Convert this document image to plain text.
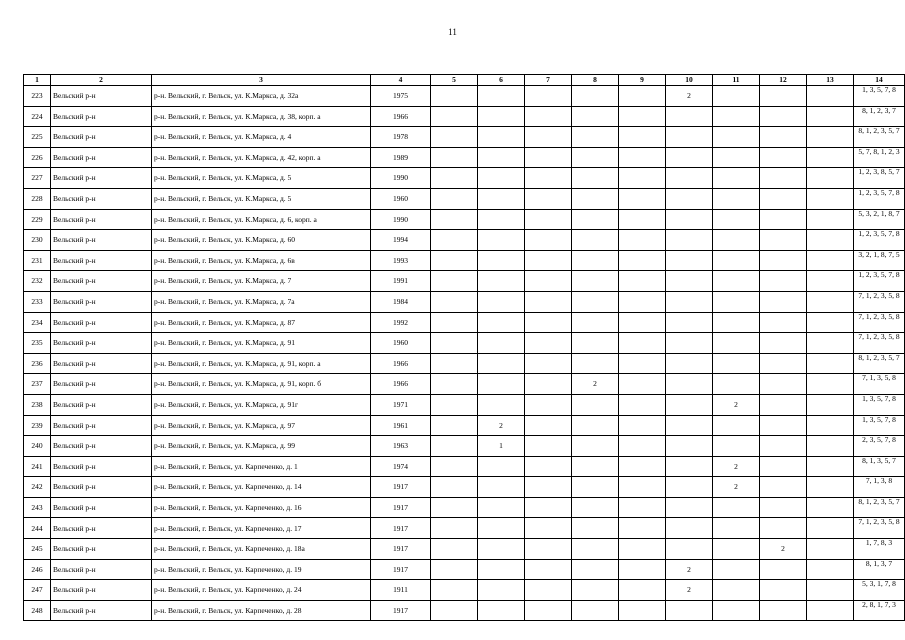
11
1	2	3	4	5	6	7	8	9	10	11	12	13	14
223	Вельский р-н	р-н. Вельский, г. Вельск, ул. К.Маркса, д. 32а	1975						2				1, 3, 5, 7, 8
224	Вельский р-н	р-н. Вельский, г. Вельск, ул. К.Маркса, д. 38, корп. а	1966										8, 1, 2, 3, 7
225	Вельский р-н	р-н. Вельский, г. Вельск, ул. К.Маркса, д. 4	1978										8, 1, 2, 3, 5, 7
226	Вельский р-н	р-н. Вельский, г. Вельск, ул. К.Маркса, д. 42, корп. а	1989										5, 7, 8, 1, 2, 3
227	Вельский р-н	р-н. Вельский, г. Вельск, ул. К.Маркса, д. 5	1990										1, 2, 3, 8, 5, 7
228	Вельский р-н	р-н. Вельский, г. Вельск, ул. К.Маркса, д. 5	1960										1, 2, 3, 5, 7, 8
229	Вельский р-н	р-н. Вельский, г. Вельск, ул. К.Маркса, д. 6, корп. а	1990										5, 3, 2, 1, 8, 7
230	Вельский р-н	р-н. Вельский, г. Вельск, ул. К.Маркса, д. 60	1994										1, 2, 3, 5, 7, 8
231	Вельский р-н	р-н. Вельский, г. Вельск, ул. К.Маркса, д. 6в	1993										3, 2, 1, 8, 7, 5
232	Вельский р-н	р-н. Вельский, г. Вельск, ул. К.Маркса, д. 7	1991										1, 2, 3, 5, 7, 8
233	Вельский р-н	р-н. Вельский, г. Вельск, ул. К.Маркса, д. 7а	1984										7, 1, 2, 3, 5, 8
234	Вельский р-н	р-н. Вельский, г. Вельск, ул. К.Маркса, д. 87	1992										7, 1, 2, 3, 5, 8
235	Вельский р-н	р-н. Вельский, г. Вельск, ул. К.Маркса, д. 91	1960										7, 1, 2, 3, 5, 8
236	Вельский р-н	р-н. Вельский, г. Вельск, ул. К.Маркса, д. 91, корп. а	1966										8, 1, 2, 3, 5, 7
237	Вельский р-н	р-н. Вельский, г. Вельск, ул. К.Маркса, д. 91, корп. б	1966				2						7, 1, 3, 5, 8
238	Вельский р-н	р-н. Вельский, г. Вельск, ул. К.Маркса, д. 91г	1971							2			1, 3, 5, 7, 8
239	Вельский р-н	р-н. Вельский, г. Вельск, ул. К.Маркса, д. 97	1961		2								1, 3, 5, 7, 8
240	Вельский р-н	р-н. Вельский, г. Вельск, ул. К.Маркса, д. 99	1963		1								2, 3, 5, 7, 8
241	Вельский р-н	р-н. Вельский, г. Вельск, ул. Карпеченко, д. 1	1974							2			8, 1, 3, 5, 7
242	Вельский р-н	р-н. Вельский, г. Вельск, ул. Карпеченко, д. 14	1917							2			7, 1, 3, 8
243	Вельский р-н	р-н. Вельский, г. Вельск, ул. Карпеченко, д. 16	1917										8, 1, 2, 3, 5, 7
244	Вельский р-н	р-н. Вельский, г. Вельск, ул. Карпеченко, д. 17	1917										7, 1, 2, 3, 5, 8
245	Вельский р-н	р-н. Вельский, г. Вельск, ул. Карпеченко, д. 18а	1917								2		1, 7, 8, 3
246	Вельский р-н	р-н. Вельский, г. Вельск, ул. Карпеченко, д. 19	1917						2				8, 1, 3, 7
247	Вельский р-н	р-н. Вельский, г. Вельск, ул. Карпеченко, д. 24	1911						2				5, 3, 1, 7, 8
248	Вельский р-н	р-н. Вельский, г. Вельск, ул. Карпеченко, д. 28	1917										2, 8, 1, 7, 3
